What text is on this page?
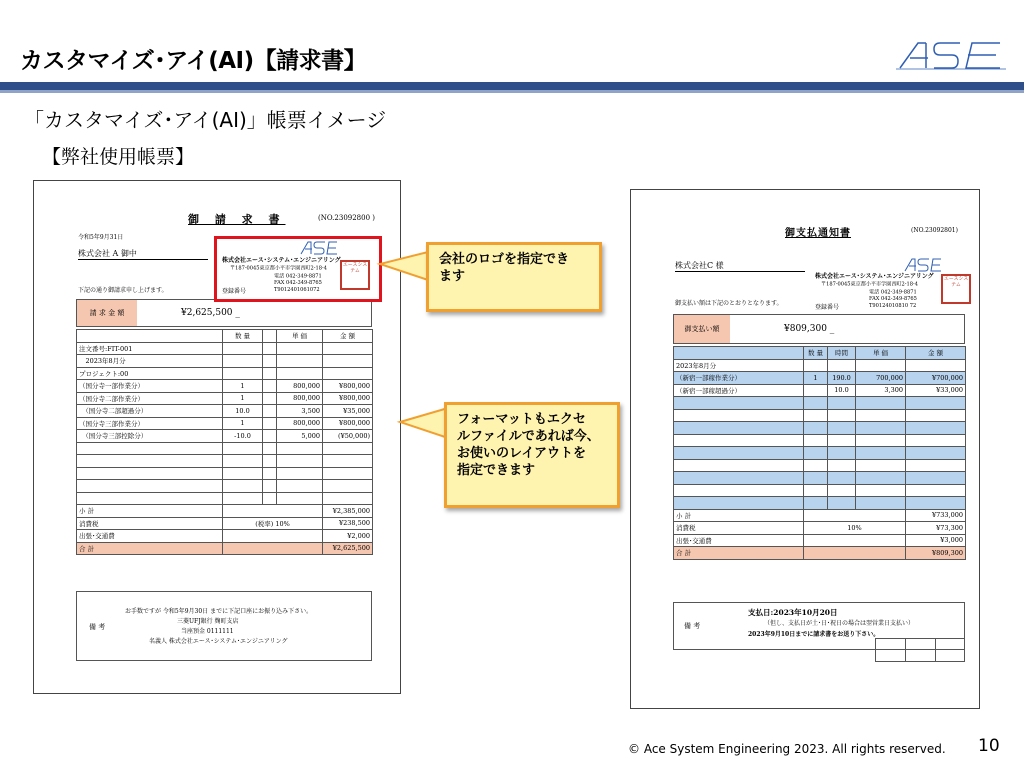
カスタマイズ･アイ(AI)【請求書】
「カスタマイズ･アイ(AI)」帳票イメージ
【弊社使用帳票】
御 請 求 書	(NO.23092800 )
令和5年9月31日
株式会社 A 御中
下記の通り御請求申し上げます。
株式会社エース･システム･エンジニアリング
〒187-0045東京都小平市学園西町2-18-4
電話 042-349-8871
FAX 042-349-8765
登録番号	T9012401061072
エースシステム
請 求 金 額	¥2,625,500 _
	数 量		単 価	金 額
注文番号:FIT-001				
　2023年8月分				
プロジェクト:00				
（国分寺一部作業分）	1		800,000	¥800,000
（国分寺二部作業分）	1		800,000	¥800,000
　（国分寺二部超過分）	10.0		3,500	¥35,000
（国分寺三部作業分）	1		800,000	¥800,000
　（国分寺三部控除分）	-10.0		5,000	(¥50,000)

小 計				¥2,385,000
消費税	(税率) 10%			¥238,500
出張･交通費				¥2,000
合 計				¥2,625,500
備 考
お手数ですが 令和5年9月30日 までに下記口座にお振り込み下さい。
三菱UFJ銀行 麹町支店
当座預金 0111111
名義人 株式会社エース･システム･エンジニアリング
御支払通知書	(NO.23092801)
株式会社C 様
御支払い額は下記のとおりとなります。
株式会社エース･システム･エンジニアリング
〒187-0045東京都小平市学園西町2-18-4
電話 042-349-8871
FAX 042-349-8765
登録番号	T90124010810 72
エースシステム
御支払い額	¥809,300 _
	数 量	時間	単 価	金 額
2023年8月分				
（新宿一部稼作業分）	1	190.0	700,000	¥700,000
（新宿一部稼超過分）		10.0	3,300	¥33,000

小 計				¥733,000
消費税	10%			¥73,300
出張･交通費				¥3,000
合 計				¥809,300
備 考
支払日:2023年10月20日
（但し、支払日が土･日･祝日の場合は翌営業日支払い）
2023年9月10日までに請求書をお送り下さい。
会社のロゴを指定でき
ます
フォーマットもエクセ
ルファイルであれば今、
お使いのレイアウトを
指定できます
© Ace System Engineering 2023. All rights reserved. 10
